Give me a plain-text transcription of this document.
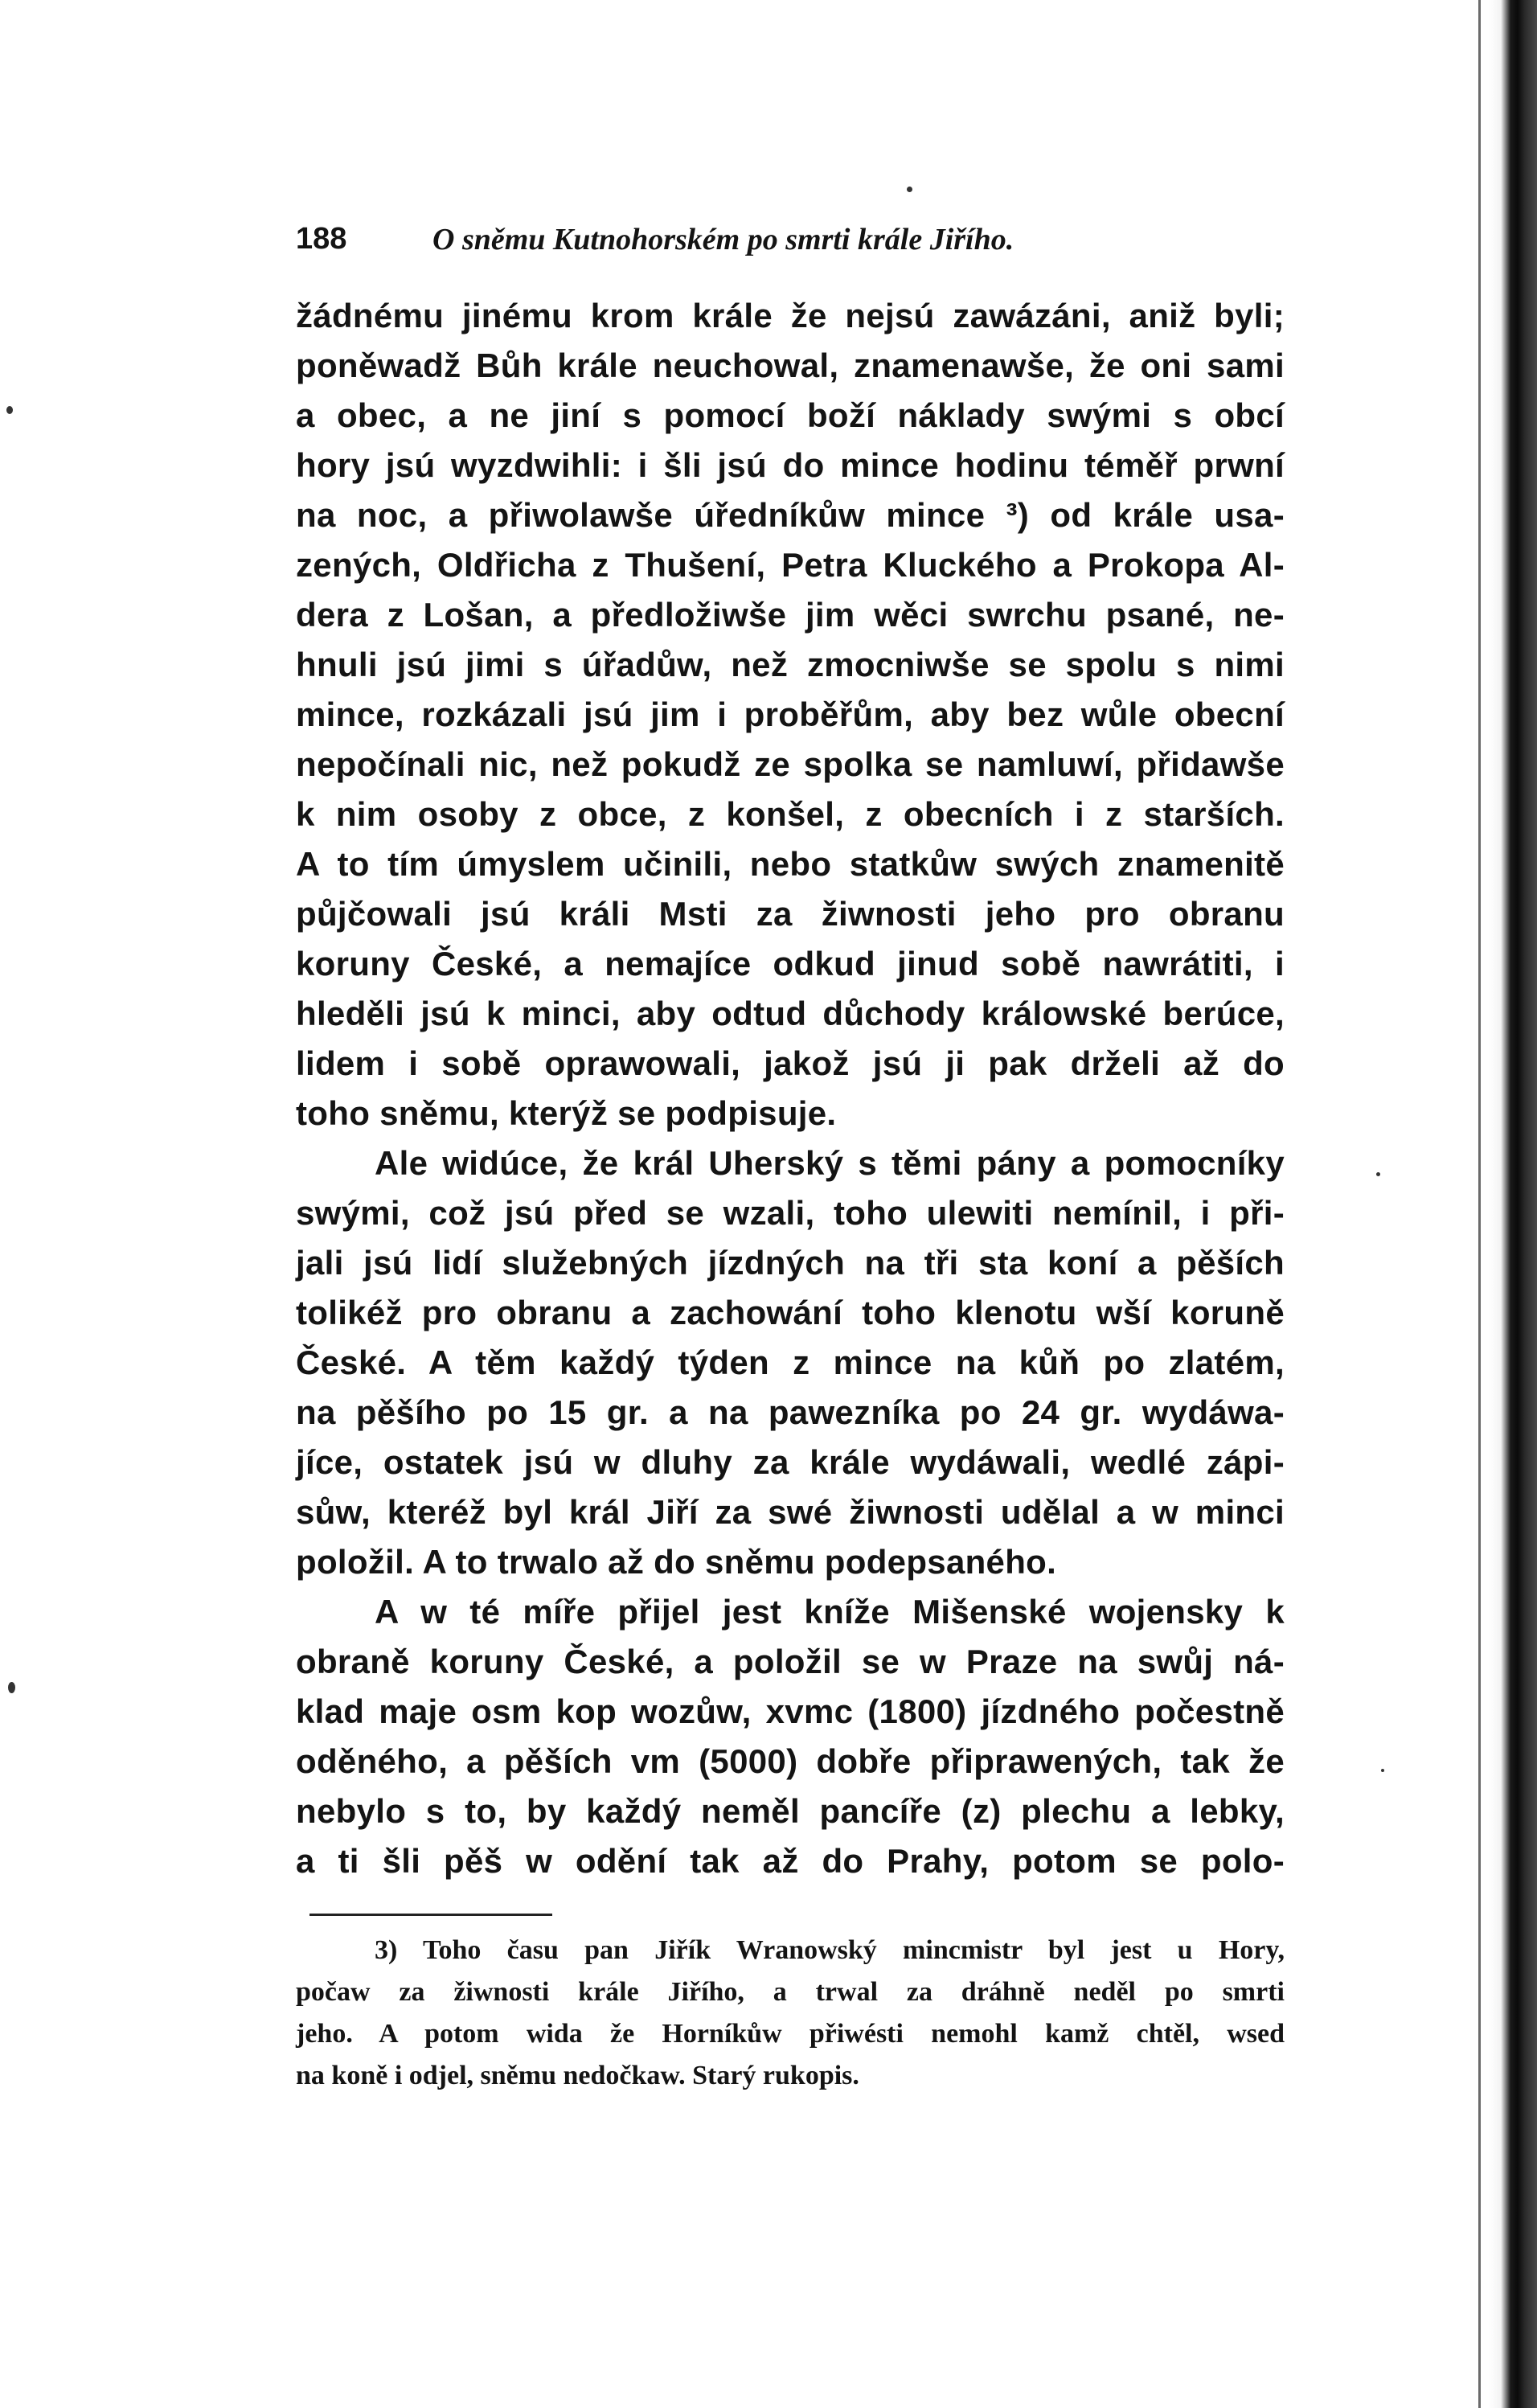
188	O sněmu Kutnohorském po smrti krále Jiřího.
žádnému jinému krom krále že nejsú zawázáni, aniž byli;
poněwadž Bůh krále neuchowal, znamenawše, že oni sami
a obec, a ne jiní s pomocí boží náklady swými s obcí
hory jsú wyzdwihli: i šli jsú do mince hodinu téměř prwní
na noc, a přiwolawše úředníkůw mince ³) od krále usa-
zených, Oldřicha z Thušení, Petra Kluckého a Prokopa Al-
dera z Lošan, a předložiwše jim wěci swrchu psané, ne-
hnuli jsú jimi s úřadůw, než zmocniwše se spolu s nimi
mince, rozkázali jsú jim i proběřům, aby bez wůle obecní
nepočínali nic, než pokudž ze spolka se namluwí, přidawše
k nim osoby z obce, z konšel, z obecních i z starších.
A to tím úmyslem učinili, nebo statkůw swých znamenitě
půjčowali jsú králi Msti za žiwnosti jeho pro obranu
koruny České, a nemajíce odkud jinud sobě nawrátiti, i
hleděli jsú k minci, aby odtud důchody králowské berúce,
lidem i sobě oprawowali, jakož jsú ji pak drželi až do
toho sněmu, kterýž se podpisuje.
Ale widúce, že král Uherský s těmi pány a pomocníky
swými, což jsú před se wzali, toho ulewiti nemínil, i při-
jali jsú lidí služebných jízdných na tři sta koní a pěších
tolikéž pro obranu a zachowání toho klenotu wší koruně
České. A těm každý týden z mince na kůň po zlatém,
na pěšího po 15 gr. a na pawezníka po 24 gr. wydáwa-
jíce, ostatek jsú w dluhy za krále wydáwali, wedlé zápi-
sůw, kteréž byl král Jiří za swé žiwnosti udělal a w minci
položil. A to trwalo až do sněmu podepsaného.
A w té míře přijel jest kníže Mišenské wojensky k
obraně koruny České, a položil se w Praze na swůj ná-
klad maje osm kop wozůw, xvmc (1800) jízdného počestně
oděného, a pěších vm (5000) dobře připrawených, tak že
nebylo s to, by každý neměl pancíře (z) plechu a lebky,
a ti šli pěš w odění tak až do Prahy, potom se polo-
3) Toho času pan Jiřík Wranowský mincmistr byl jest u Hory,
počaw za žiwnosti krále Jiřího, a trwal za dráhně neděl po smrti
jeho. A potom wida že Horníkůw přiwésti nemohl kamž chtěl, wsed
na koně i odjel, sněmu nedočkaw. Starý rukopis.
